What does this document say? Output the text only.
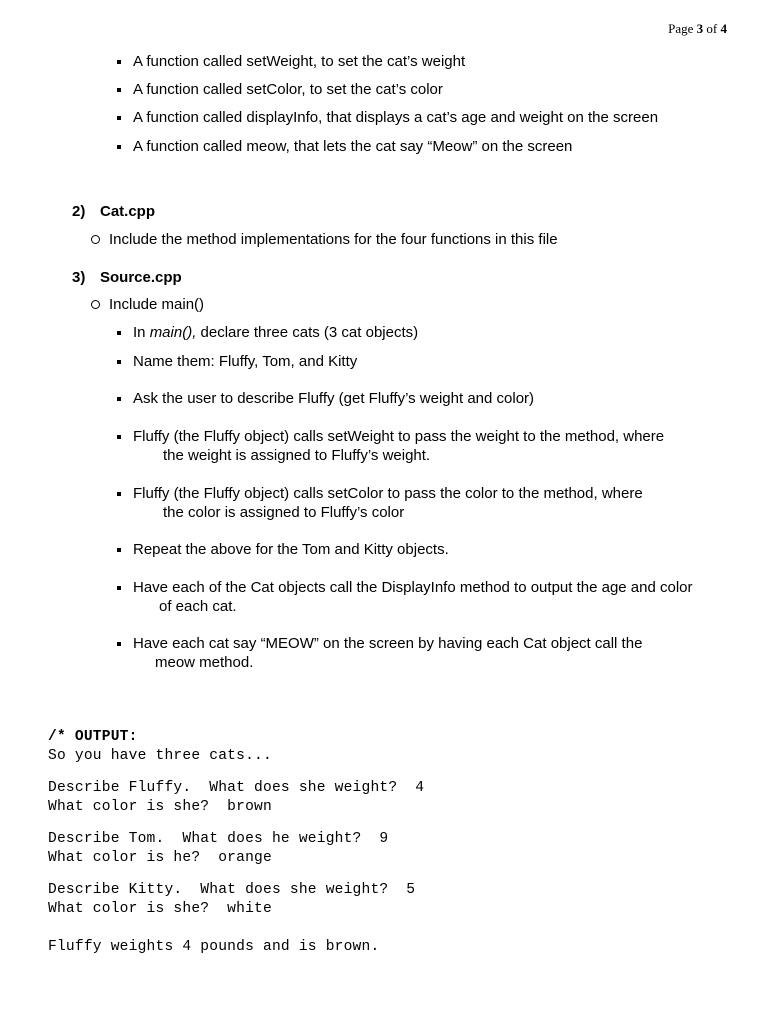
Page 3 of 4
A function called setWeight, to set the cat’s weight
A function called setColor, to set the cat’s color
A function called displayInfo, that displays a cat’s age and weight on the screen
A function called meow, that lets the cat say “Meow” on the screen
2) Cat.cpp
Include the method implementations for the four functions in this file
3) Source.cpp
Include main()
In main(), declare three cats (3 cat objects)
Name them: Fluffy, Tom, and Kitty
Ask the user to describe Fluffy (get Fluffy’s weight and color)
Fluffy (the Fluffy object) calls setWeight to pass the weight to the method, where
the weight is assigned to Fluffy’s weight.
Fluffy (the Fluffy object) calls setColor to pass the color to the method, where
the color is assigned to Fluffy’s color
Repeat the above for the Tom and Kitty objects.
Have each of the Cat objects call the DisplayInfo method to output the age and color
of each cat.
Have each cat say “MEOW” on the screen by having each Cat object call the
meow method.
/* OUTPUT:
So you have three cats...
Describe Fluffy.  What does she weight?  4
What color is she?  brown
Describe Tom.  What does he weight?  9
What color is he?  orange
Describe Kitty.  What does she weight?  5
What color is she?  white
Fluffy weights 4 pounds and is brown.
